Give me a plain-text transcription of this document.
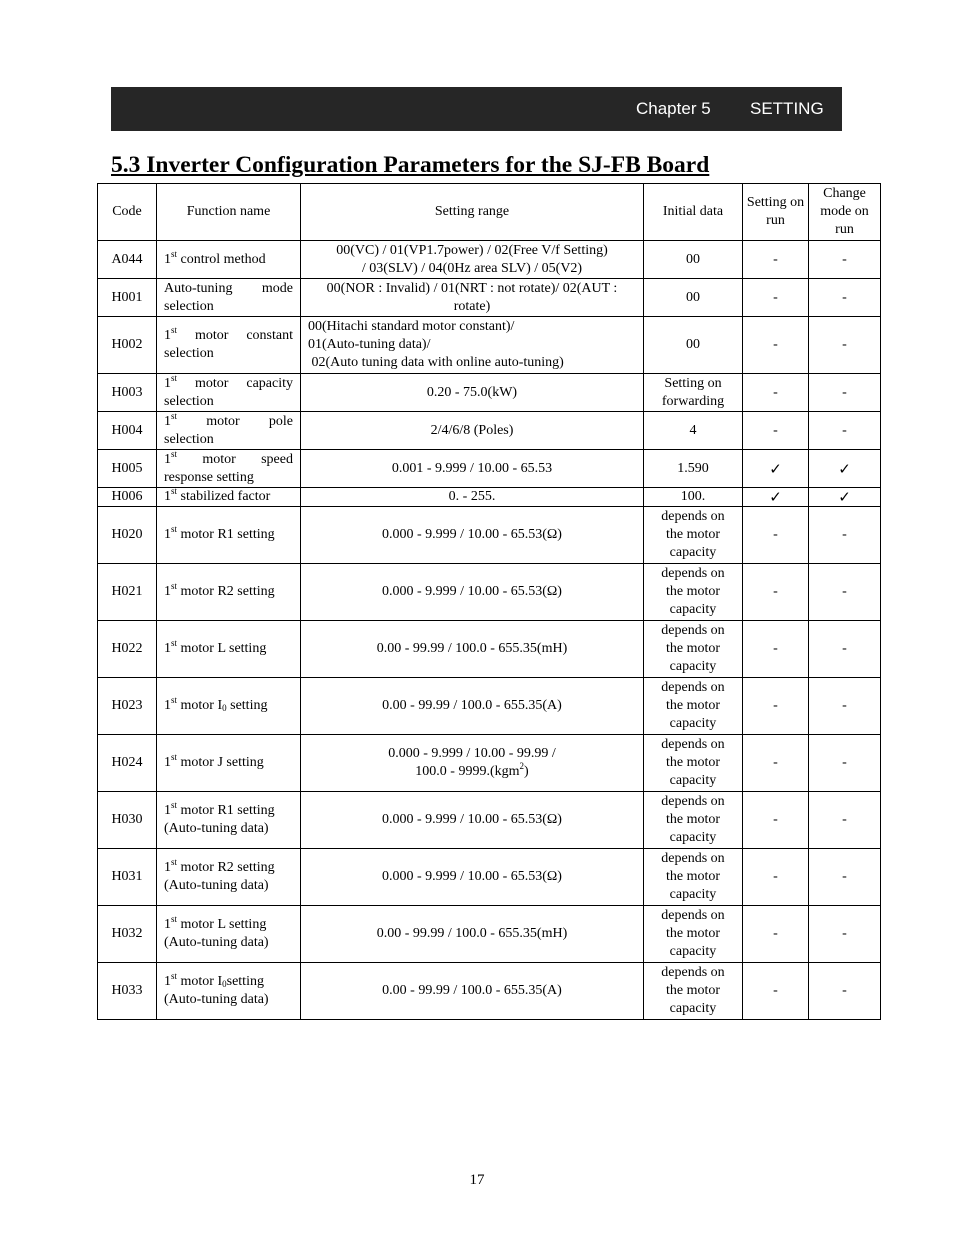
Chapter 5 SETTING
5.3 Inverter Configuration Parameters for the SJ-FB Board
Code	Function name	Setting range	Initial data	Setting on run	Change mode on run
A044	1st control method	00(VC) / 01(VP1.7power) / 02(Free V/f Setting)
/ 03(SLV) / 04(0Hz area SLV) / 05(V2)	00	-	-
H001	Auto-tuning mode selection	00(NOR : Invalid) / 01(NRT : not rotate)/ 02(AUT :
rotate)	00	-	-
H002	1st motor constant selection	00(Hitachi standard motor constant)/
01(Auto-tuning data)/
02(Auto tuning data with online auto-tuning)	00	-	-
H003	1st motor capacity selection	0.20 - 75.0(kW)	Setting on
forwarding	-	-
H004	1st motor pole selection	2/4/6/8 (Poles)	4	-	-
H005	1st motor speed response setting	0.001 - 9.999 / 10.00 - 65.53	1.590	✓	✓
H006	1st stabilized factor	0. - 255.	100.	✓	✓
H020	1st motor R1 setting	0.000 - 9.999 / 10.00 - 65.53(Ω)	depends on
the motor
capacity	-	-
H021	1st motor R2 setting	0.000 - 9.999 / 10.00 - 65.53(Ω)	depends on
the motor
capacity	-	-
H022	1st motor L setting	0.00 - 99.99 / 100.0 - 655.35(mH)	depends on
the motor
capacity	-	-
H023	1st motor $I_0$ setting	0.00 - 99.99 / 100.0 - 655.35(A)	depends on
the motor
capacity	-	-
H024	1st motor J setting	0.000 - 9.999 / 10.00 - 99.99 /
100.0 - 9999.(kgm$^2$)	depends on
the motor
capacity	-	-
H030	1st motor R1 setting
(Auto-tuning data)	0.000 - 9.999 / 10.00 - 65.53(Ω)	depends on
the motor
capacity	-	-
H031	1st motor R2 setting
(Auto-tuning data)	0.000 - 9.999 / 10.00 - 65.53(Ω)	depends on
the motor
capacity	-	-
H032	1st motor L setting
(Auto-tuning data)	0.00 - 99.99 / 100.0 - 655.35(mH)	depends on
the motor
capacity	-	-
H033	1st motor $I_0setting$
(Auto-tuning data)	0.00 - 99.99 / 100.0 - 655.35(A)	depends on
the motor
capacity	-	-
17
